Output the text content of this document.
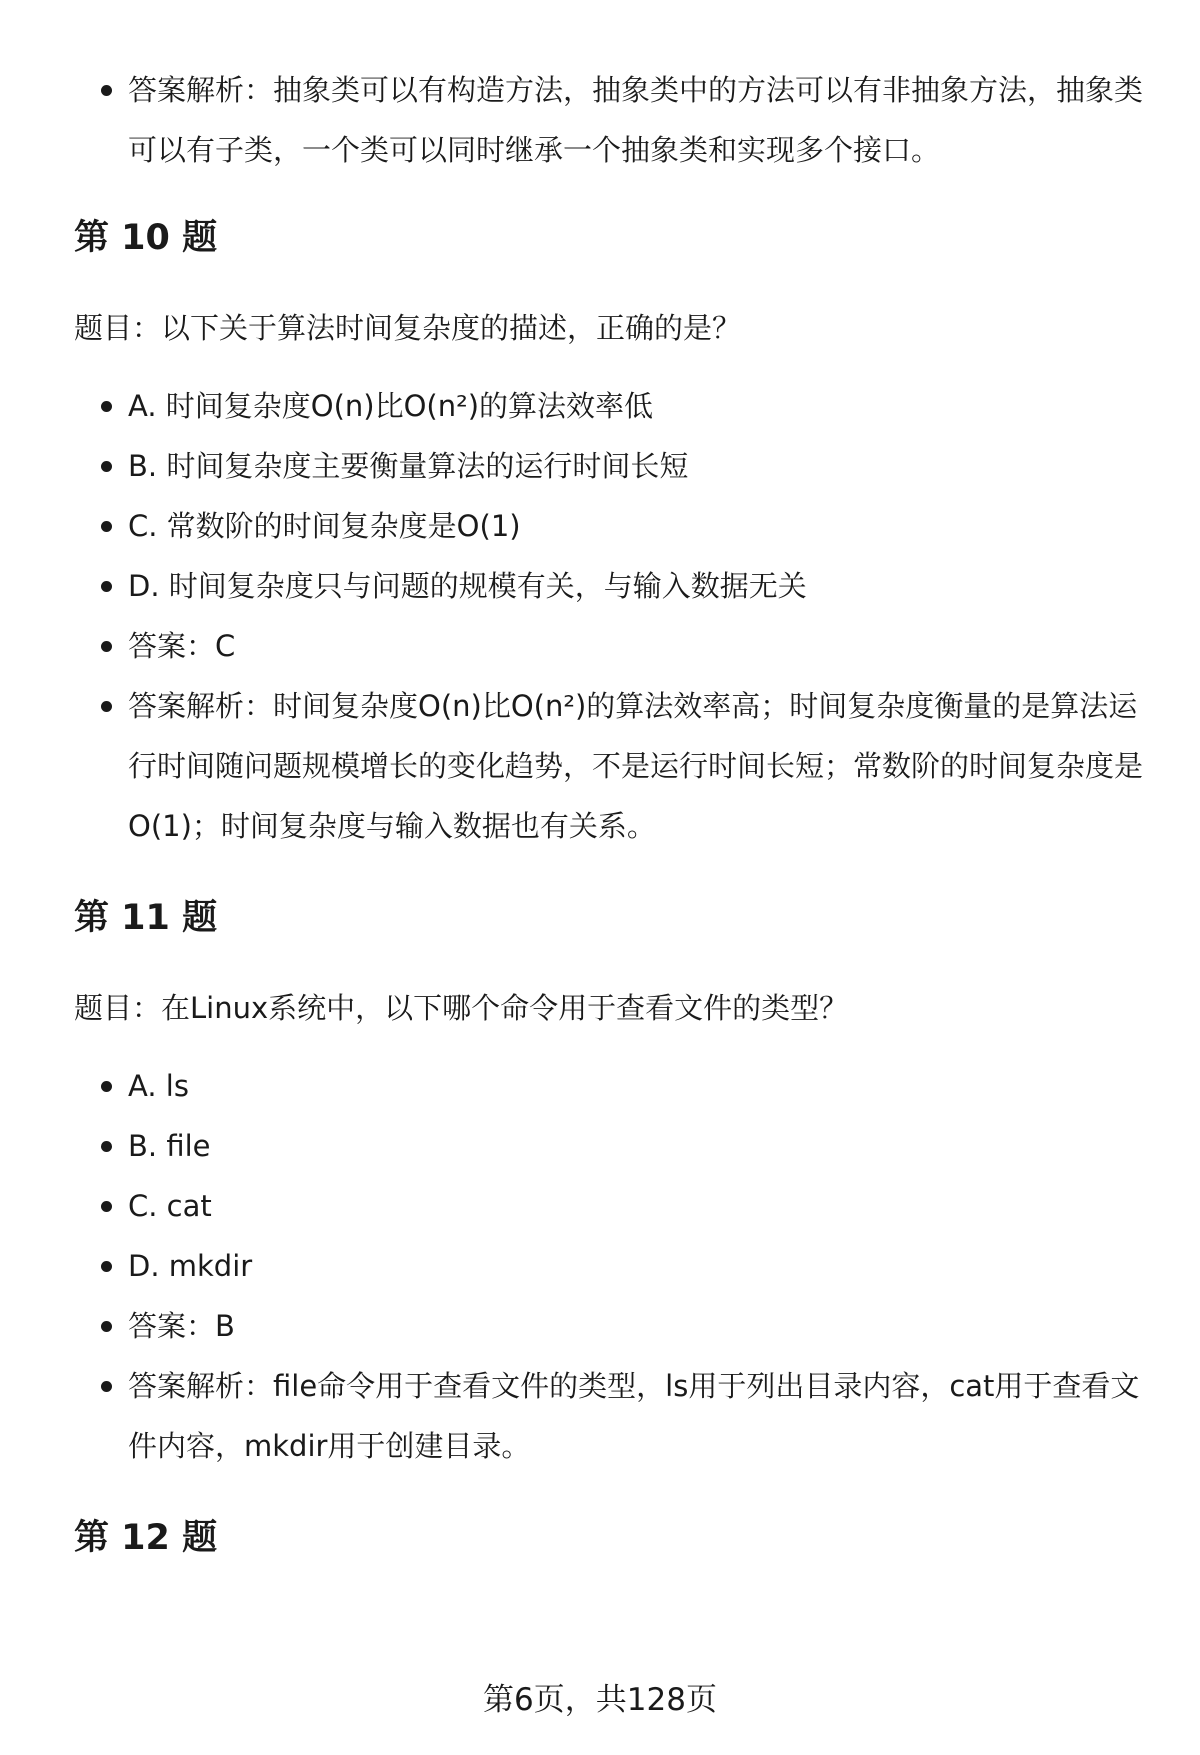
答案解析：抽象类可以有构造方法，抽象类中的方法可以有非抽象方法，抽象类可以有子类，一个类可以同时继承一个抽象类和实现多个接口。
第 10 题

题目：以下关于算法时间复杂度的描述，正确的是？

A. 时间复杂度O(n)比O(n²)的算法效率低
B. 时间复杂度主要衡量算法的运行时间长短
C. 常数阶的时间复杂度是O(1)
D. 时间复杂度只与问题的规模有关，与输入数据无关
答案：C
答案解析：时间复杂度O(n)比O(n²)的算法效率高；时间复杂度衡量的是算法运行时间随问题规模增长的变化趋势，不是运行时间长短；常数阶的时间复杂度是O(1)；时间复杂度与输入数据也有关系。
第 11 题

题目：在Linux系统中，以下哪个命令用于查看文件的类型？

A. ls
B. file
C. cat
D. mkdir
答案：B
答案解析：file命令用于查看文件的类型，ls用于列出目录内容，cat用于查看文件内容，mkdir用于创建目录。
第 12 题
第6页，共128页
